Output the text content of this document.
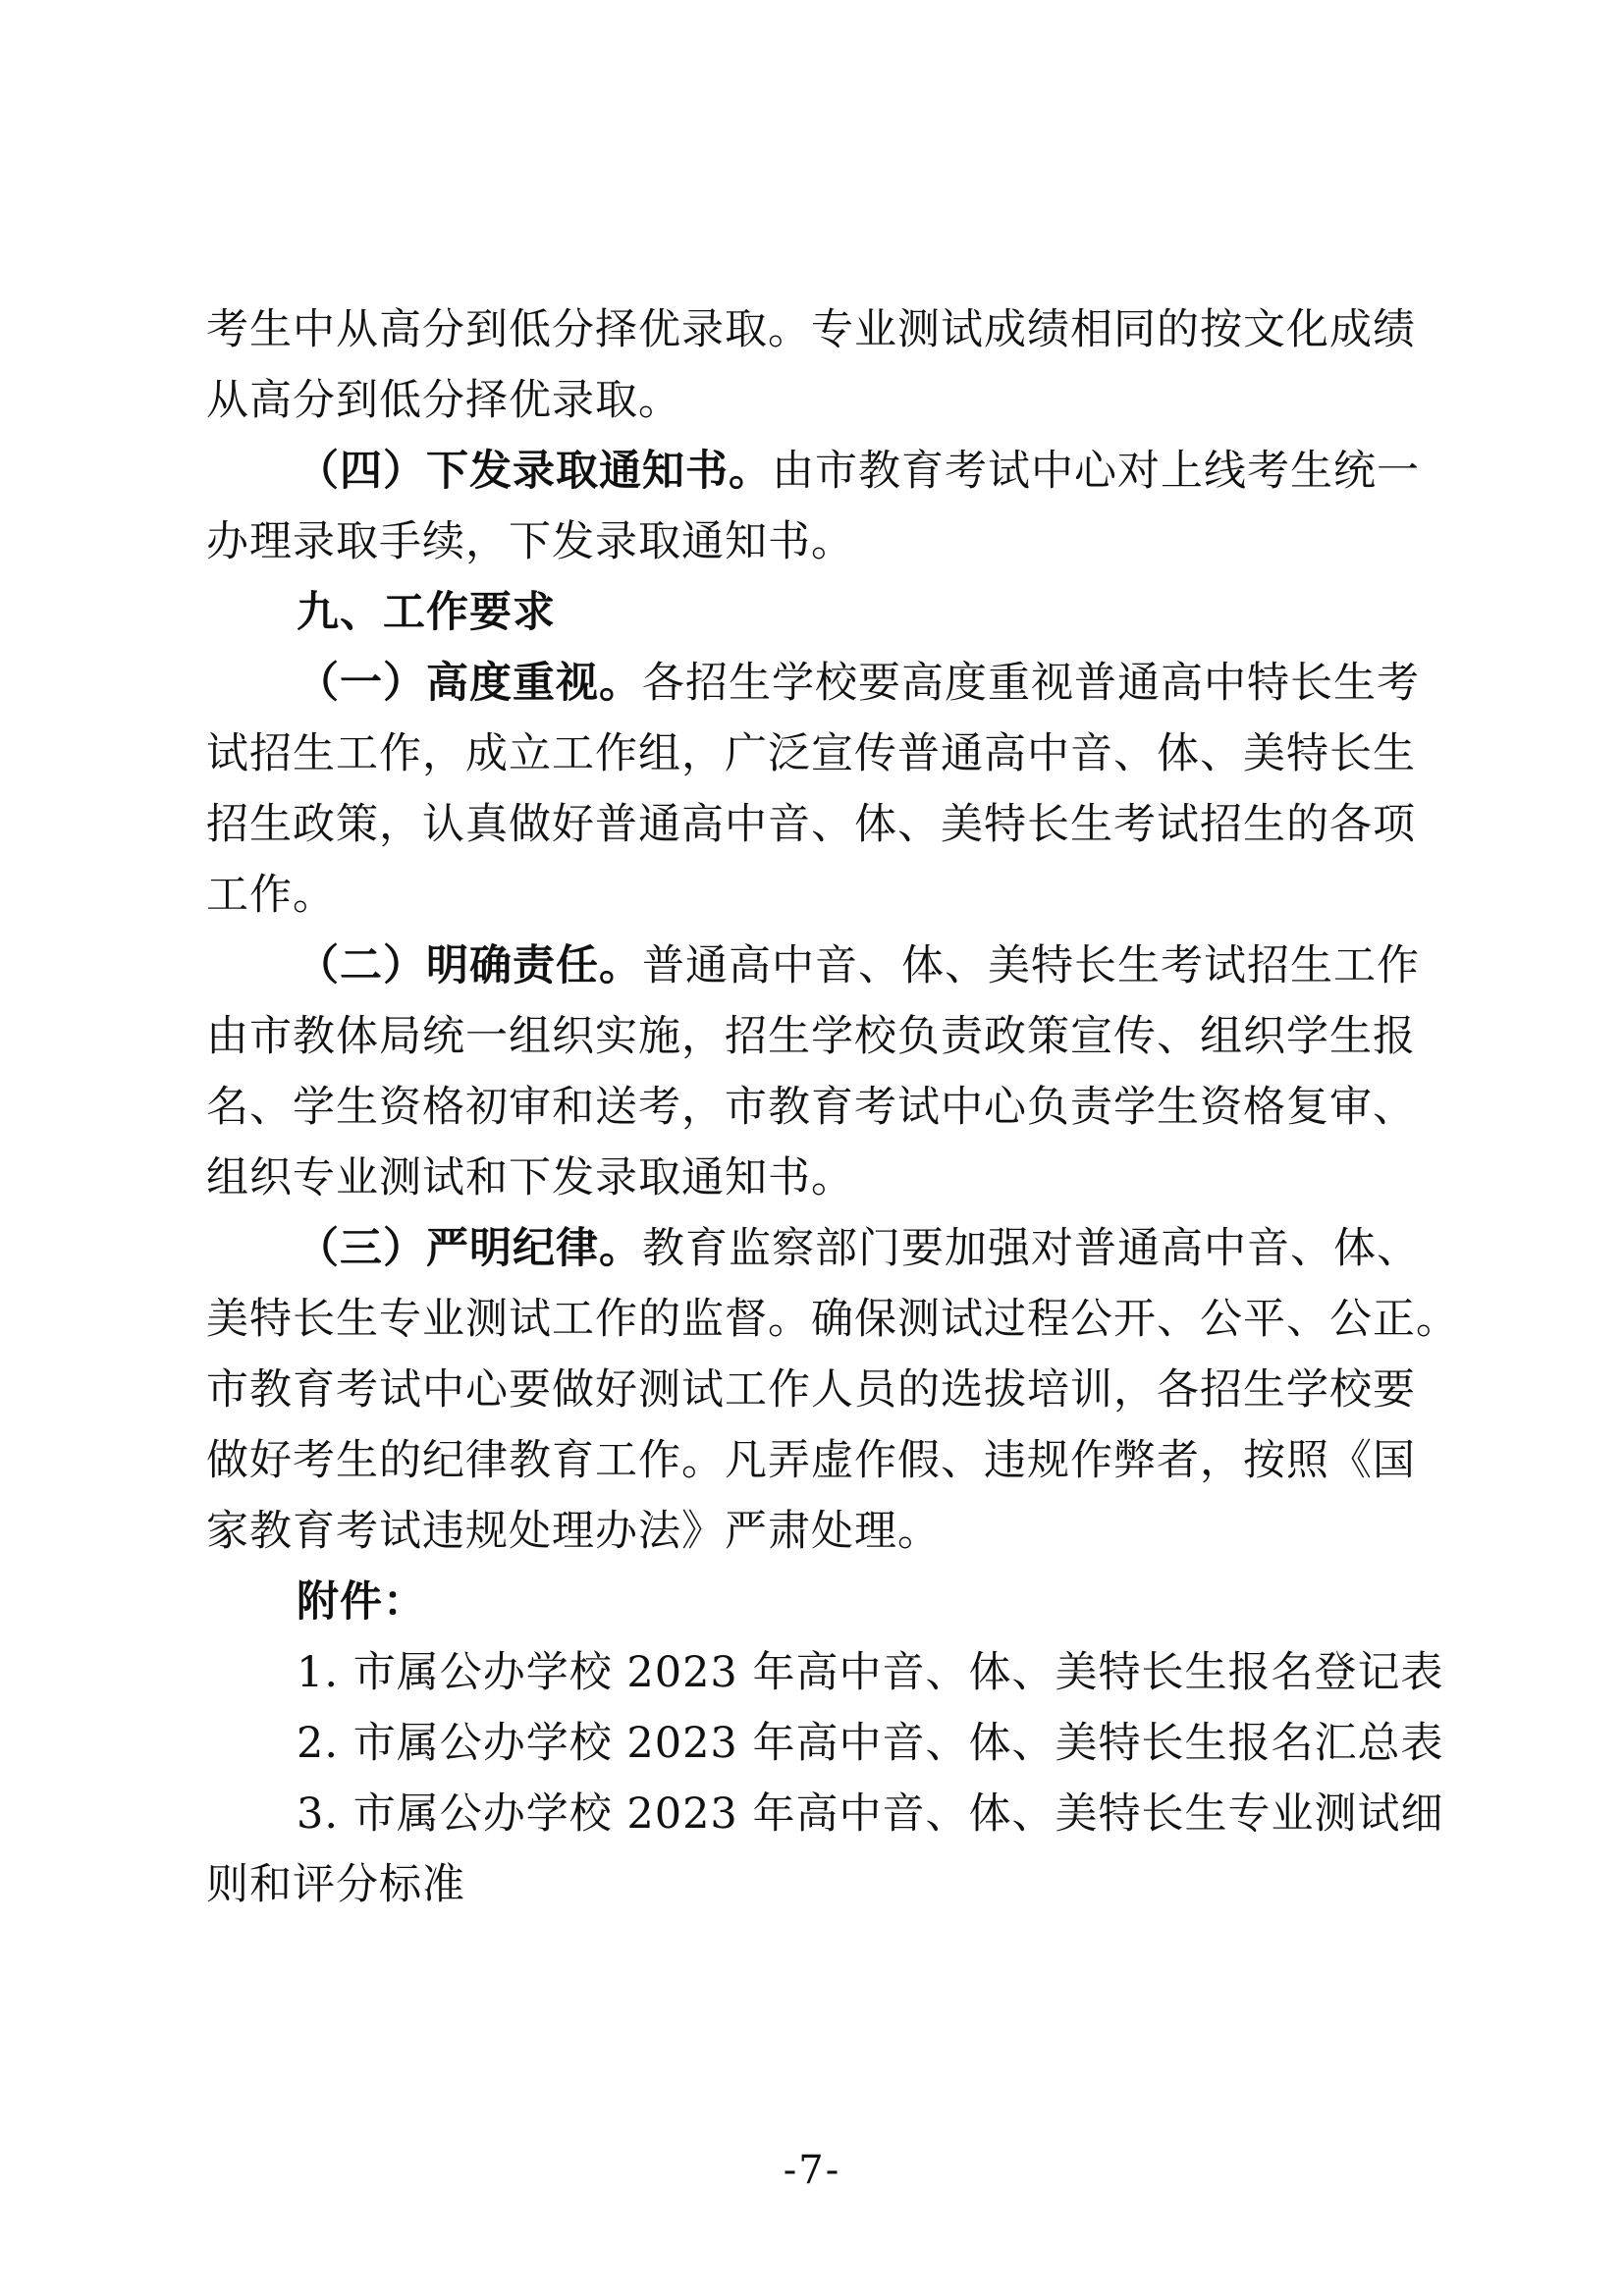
考生中从高分到低分择优录取。专业测试成绩相同的按文化成绩
从高分到低分择优录取。
（四）下发录取通知书。由市教育考试中心对上线考生统一
办理录取手续，下发录取通知书。
九、工作要求
（一）高度重视。各招生学校要高度重视普通高中特长生考
试招生工作，成立工作组，广泛宣传普通高中音、体、美特长生
招生政策，认真做好普通高中音、体、美特长生考试招生的各项
工作。
（二）明确责任。普通高中音、体、美特长生考试招生工作
由市教体局统一组织实施，招生学校负责政策宣传、组织学生报
名、学生资格初审和送考，市教育考试中心负责学生资格复审、
组织专业测试和下发录取通知书。
（三）严明纪律。教育监察部门要加强对普通高中音、体、
美特长生专业测试工作的监督。确保测试过程公开、公平、公正。
市教育考试中心要做好测试工作人员的选拔培训，各招生学校要
做好考生的纪律教育工作。凡弄虚作假、违规作弊者，按照《国
家教育考试违规处理办法》严肃处理。
附件：
1. 市属公办学校 2023 年高中音、体、美特长生报名登记表
2. 市属公办学校 2023 年高中音、体、美特长生报名汇总表
3. 市属公办学校 2023 年高中音、体、美特长生专业测试细
则和评分标准
-7-
